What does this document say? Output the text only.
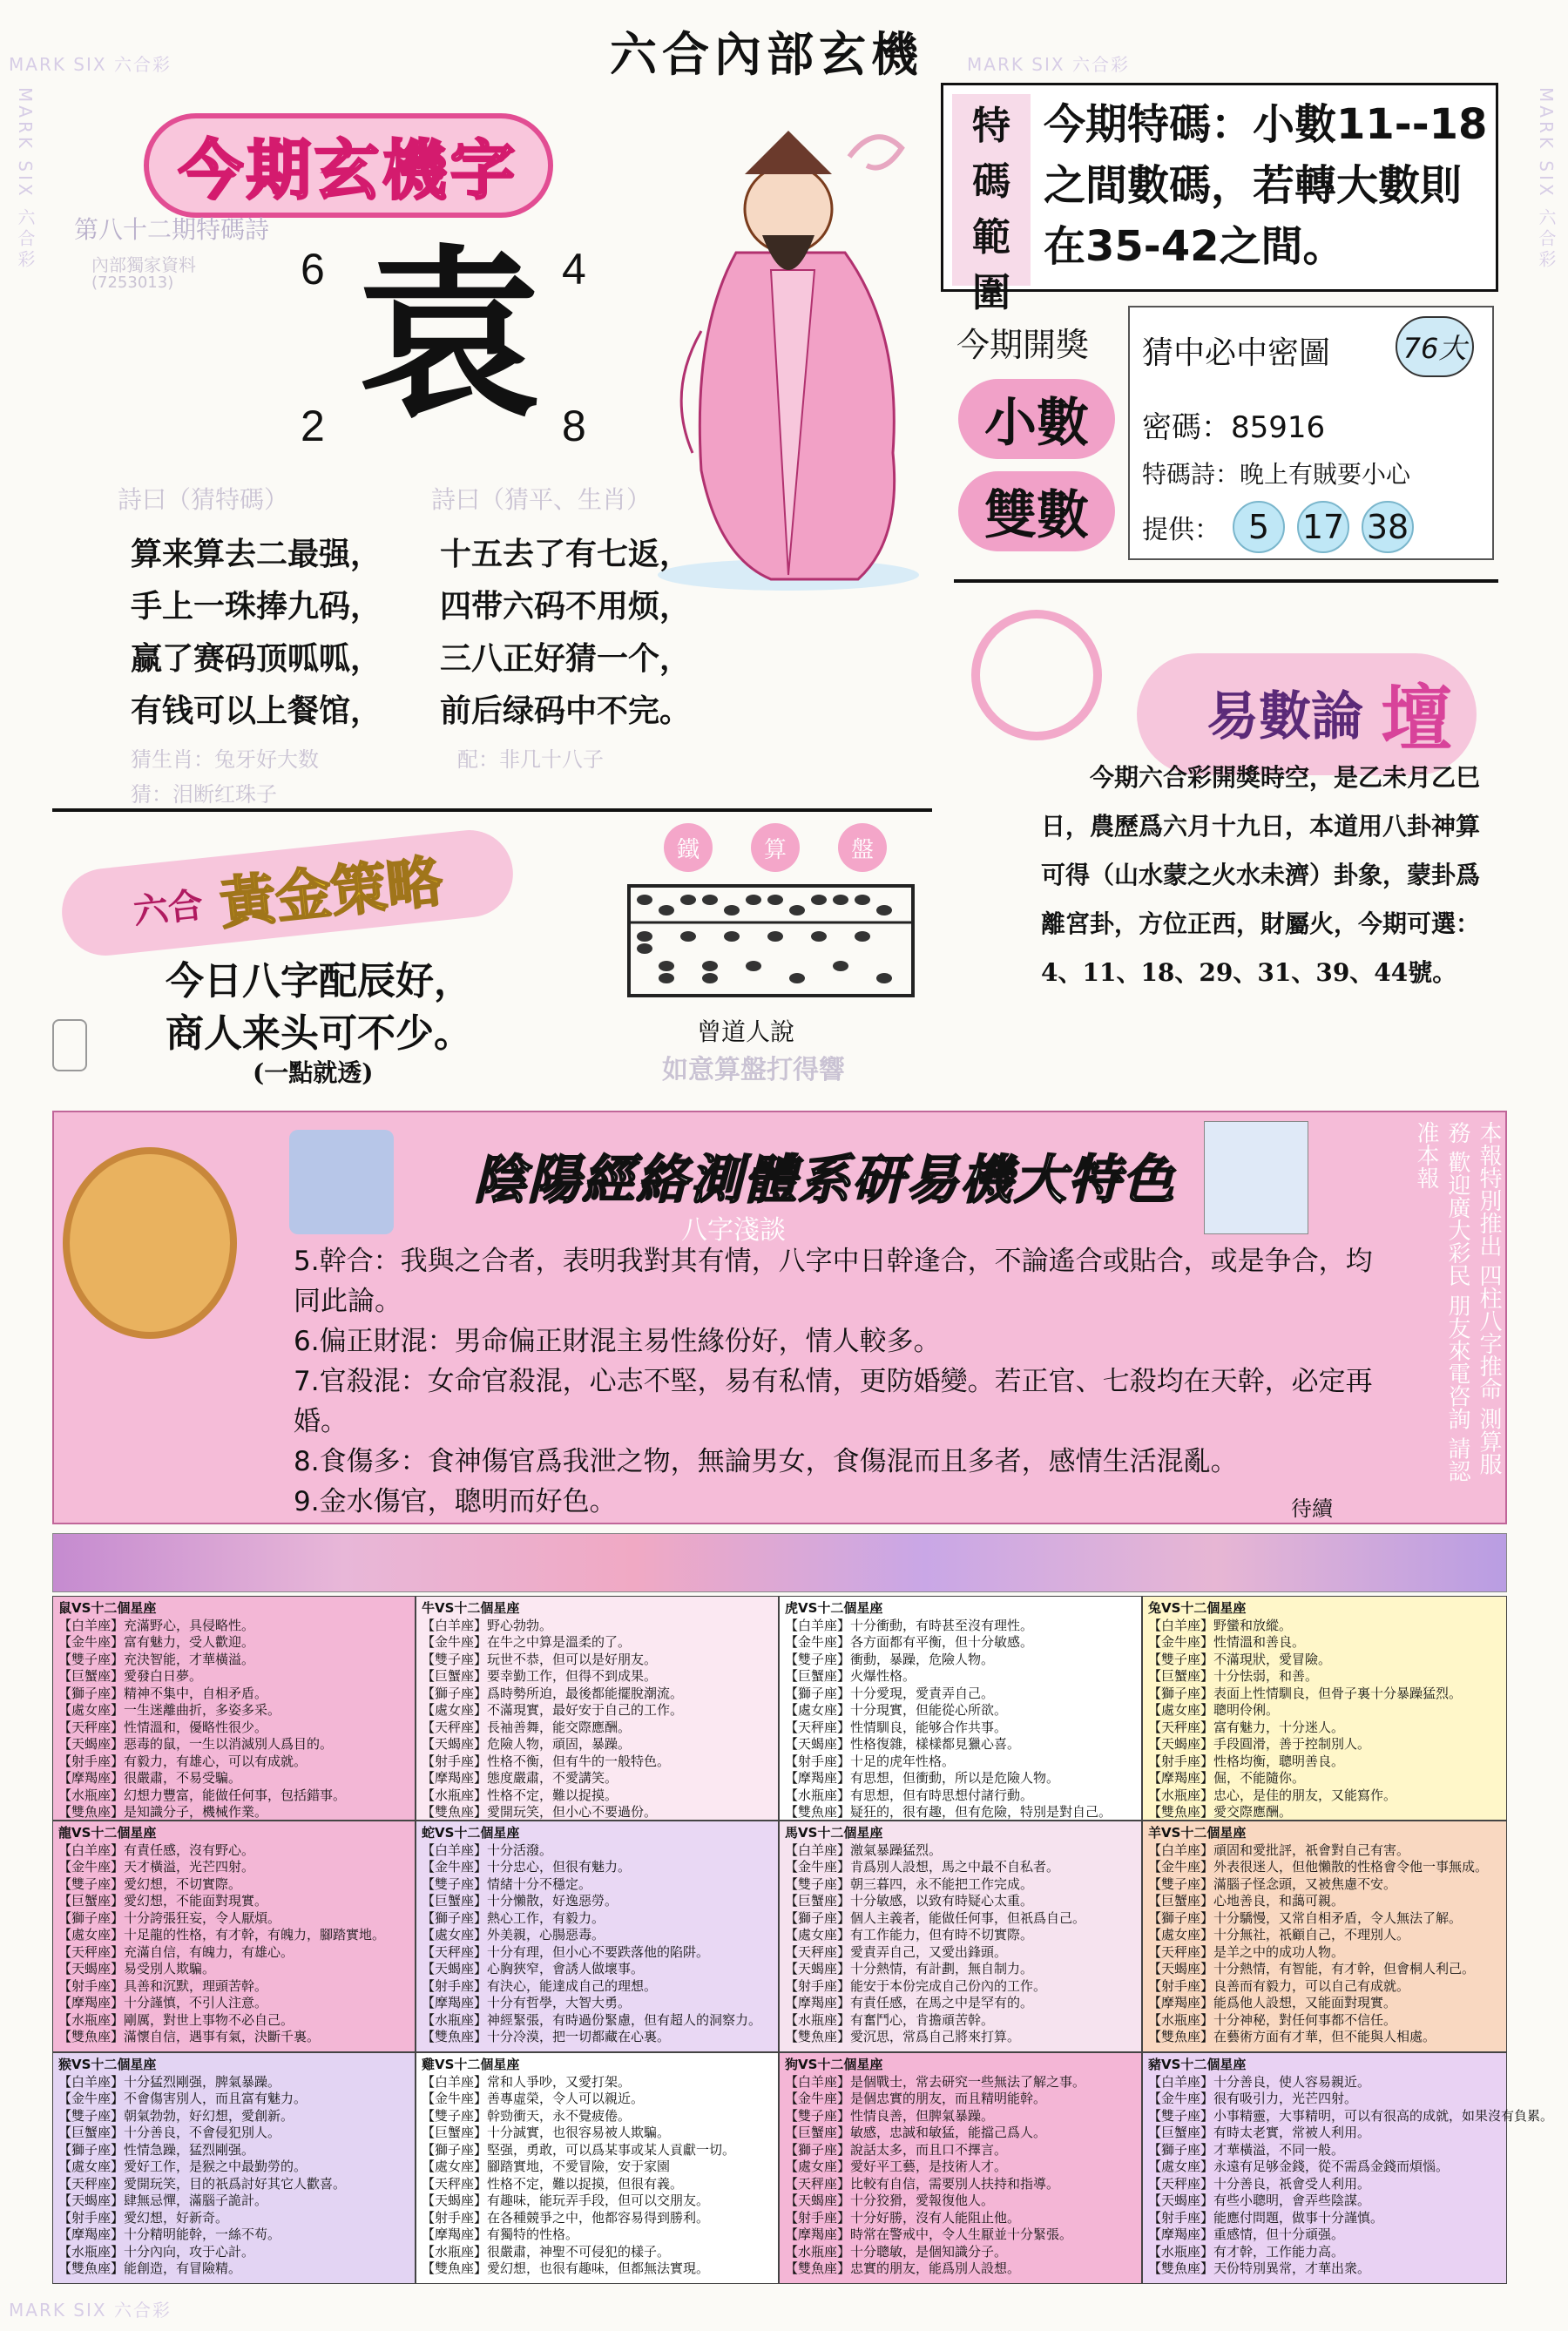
MARK SIX 六合彩	MARK SIX 六合彩
MARK SIX 六合彩
MARK SIX 六合彩
MARK SIX 六合彩
六合內部玄機
今期玄機字
第八十二期特碼詩
內部獨家資料
(7253013)	6	4
2	8
袁
詩曰（猜特碼）	詩曰（猜平、生肖）
算来算去二最强，
手上一珠捧九码，
赢了赛码顶呱呱，
有钱可以上餐馆，
十五去了有七返，
四带六码不用烦，
三八正好猜一个，
前后绿码中不完。
猜生肖：兔牙好大数	配：非几十八子
猜：泪断红珠子
特
碼
範
圍
今期特碼：小數11--18之間數碼，若轉大數則在35-42之間。
今期開獎
小數
雙數
猜中必中密圖	76大
密碼：85916
特碼詩：晚上有賊要小心
提供： 5 17 38
六合 黃金策略
今日八字配辰好，
商人来头可不少。
(一點就透)
鐵	算	盤
曾道人說
如意算盤打得響
易數論 壇
今期六合彩開獎時空，是乙未月乙巳日，農歷爲六月十九日，本道用八卦神算可得（山水蒙之火水未濟）卦象，蒙卦爲離宮卦，方位正西，財屬火，今期可選：4、11、18、29、31、39、44號。
陰陽經絡測體系研易機大特色
八字淺談
5.幹合：我與之合者，表明我對其有情，八字中日幹逢合，不論遙合或貼合，或是争合，均同此論。
6.偏正財混：男命偏正財混主易性緣份好，情人較多。
7.官殺混：女命官殺混，心志不堅，易有私情，更防婚變。若正官、七殺均在天幹，必定再婚。
8.食傷多：食神傷官爲我泄之物，無論男女，食傷混而且多者，感情生活混亂。
9.金水傷官，聰明而好色。	待續
本報特別推出 四柱八字推命 測算服務 歡迎廣大彩民 朋友來電咨詢 請認准本報
鼠VS十二個星座
【白羊座】充滿野心，具侵略性。
【金牛座】富有魅力，受人歡迎。
【雙子座】充決智能，才華橫溢。
【巨蟹座】愛發白日夢。
【獅子座】精神不集中，自相矛盾。
【處女座】一生迷離曲折，多姿多采。
【天秤座】性情溫和，優略性很少。
【天蝎座】惡毒的鼠，一生以消滅別人爲目的。
【射手座】有毅力，有雄心，可以有成就。
【摩羯座】很嚴肅，不易受騙。
【水瓶座】幻想力豐富，能做任何事，包括錯事。
【雙魚座】是知識分子，機械作業。
牛VS十二個星座
【白羊座】野心勃勃。
【金牛座】在牛之中算是溫柔的了。
【雙子座】玩世不恭，但可以是好朋友。
【巨蟹座】要幸勤工作，但得不到成果。
【獅子座】爲時勢所迫，最後都能擺脫潮流。
【處女座】不滿現實，最好安于自己的工作。
【天秤座】長袖善舞，能交際應酬。
【天蝎座】危險人物，頑固，暴躁。
【射手座】性格不衡，但有牛的一般特色。
【摩羯座】態度嚴肅，不愛講笑。
【水瓶座】性格不定，難以捉摸。
【雙魚座】愛開玩笑，但小心不要過份。
虎VS十二個星座
【白羊座】十分衝動，有時甚至沒有理性。
【金牛座】各方面都有平衡，但十分敏感。
【雙子座】衝動，暴躁，危險人物。
【巨蟹座】火爆性格。
【獅子座】十分愛現，愛責弄自己。
【處女座】十分現實，但能從心所欲。
【天秤座】性情馴良，能够合作共事。
【天蝎座】性格復雜，樣樣都見獵心喜。
【射手座】十足的虎年性格。
【摩羯座】有思想，但衝動，所以是危險人物。
【水瓶座】有思想，但有時思想付諸行動。
【雙魚座】疑狂的，很有趣，但有危險，特別是對自己。
兔VS十二個星座
【白羊座】野蠻和放縱。
【金牛座】性情溫和善良。
【雙子座】不滿現狀，愛冒險。
【巨蟹座】十分怯弱，和善。
【獅子座】表面上性情馴良，但骨子裏十分暴躁猛烈。
【處女座】聰明伶俐。
【天秤座】富有魅力，十分迷人。
【天蝎座】手段圓滑，善于控制別人。
【射手座】性格均衡，聰明善良。
【摩羯座】倔，不能隨你。
【水瓶座】忠心，是佳的朋友，又能寫作。
【雙魚座】愛交際應酬。
龍VS十二個星座
【白羊座】有責任感，沒有野心。
【金牛座】天才橫溢，光芒四射。
【雙子座】愛幻想，不切實際。
【巨蟹座】愛幻想，不能面對現實。
【獅子座】十分誇張狂妄，令人厭煩。
【處女座】十足龍的性格，有才幹，有魄力，腳踏實地。
【天秤座】充滿自信，有魄力，有雄心。
【天蝎座】易受別人欺騙。
【射手座】具善和沉默，理頭苦幹。
【摩羯座】十分謹慎，不引人注意。
【水瓶座】剛厲，對世上事物不必自己。
【雙魚座】滿懷自信，遇事有氣，決斷千裏。
蛇VS十二個星座
【白羊座】十分活潑。
【金牛座】十分忠心，但很有魅力。
【雙子座】情緒十分不穩定。
【巨蟹座】十分懶散，好逸惡勞。
【獅子座】熱心工作，有毅力。
【處女座】外美親，心腸惡毒。
【天秤座】十分有理，但小心不要跌落他的陷阱。
【天蝎座】心胸狹窄，會誘人做壞事。
【射手座】有決心，能達成自己的理想。
【摩羯座】十分有哲學，大智大勇。
【水瓶座】神經緊張，有時過份緊慮，但有超人的洞察力。
【雙魚座】十分冷漠，把一切都藏在心裏。
馬VS十二個星座
【白羊座】激氣暴躁猛烈。
【金牛座】肯爲別人設想，馬之中最不自私者。
【雙子座】朝三暮四，永不能把工作完成。
【巨蟹座】十分敏感，以致有時疑心太重。
【獅子座】個人主義者，能做任何事，但祇爲自己。
【處女座】有工作能力，但有時不切實際。
【天秤座】愛責弄自己，又愛出鋒頭。
【天蝎座】十分熱情，有計劃，無自制力。
【射手座】能安于本份完成自己份內的工作。
【摩羯座】有責任感，在馬之中是罕有的。
【水瓶座】有奮鬥心，肯擔頑苦幹。
【雙魚座】愛沉思，常爲自己將來打算。
羊VS十二個星座
【白羊座】頑固和愛批評，祇會對自己有害。
【金牛座】外表很迷人，但他懶散的性格會令他一事無成。
【雙子座】滿腦子怪念頭，又被焦慮不安。
【巨蟹座】心地善良，和藹可親。
【獅子座】十分驕慢，又常自相矛盾，令人無法了解。
【處女座】十分無社，祇顧自己，不理別人。
【天秤座】是羊之中的成功人物。
【天蝎座】十分熱情，有智能，有才幹，但會桐人利己。
【射手座】良善而有毅力，可以自己有成就。
【摩羯座】能爲他人設想，又能面對現實。
【水瓶座】十分神秘，對任何事都不信任。
【雙魚座】在藝術方面有才華，但不能與人相處。
猴VS十二個星座
【白羊座】十分猛烈剛强，脾氣暴躁。
【金牛座】不會傷害別人，而且富有魅力。
【雙子座】朝氣勃勃，好幻想，愛創新。
【巨蟹座】十分善良，不會侵犯別人。
【獅子座】性情急躁，猛烈剛强。
【處女座】愛好工作，是猴之中最勤勞的。
【天秤座】愛開玩笑，目的祇爲討好其它人歡喜。
【天蝎座】肆無忌憚，滿腦子詭計。
【射手座】愛幻想，好新奇。
【摩羯座】十分精明能幹，一絲不苟。
【水瓶座】十分內向，攻于心計。
【雙魚座】能創造，有冒險精。
雞VS十二個星座
【白羊座】常和人爭吵，又愛打架。
【金牛座】善專虛榮，令人可以親近。
【雙子座】幹勁衝天，永不覺疲倦。
【巨蟹座】十分誠實，也很容易被人欺騙。
【獅子座】堅强，勇敢，可以爲某事或某人貢獻一切。
【處女座】腳踏實地，不愛冒險，安于家園
【天秤座】性格不定，難以捉摸，但很有義。
【天蝎座】有趣味，能玩弄手段，但可以交朋友。
【射手座】在各種競爭之中，他都容易得到勝利。
【摩羯座】有獨特的性格。
【水瓶座】很嚴肅，神聖不可侵犯的樣子。
【雙魚座】愛幻想，也很有趣味，但都無法實現。
狗VS十二個星座
【白羊座】是個戰士，常去研究一些無法了解之事。
【金牛座】是個忠實的朋友，而且精明能幹。
【雙子座】性情良善，但脾氣暴躁。
【巨蟹座】敏感，忠誠和敏猛，能擋己爲人。
【獅子座】說話太多，而且口不擇言。
【處女座】愛好平工藝，是技術人才。
【天秤座】比較有自信，需要別人扶持和指導。
【天蝎座】十分狡猾，愛報復他人。
【射手座】十分好勝，沒有人能阻止他。
【摩羯座】時常在警戒中，令人生厭並十分緊張。
【水瓶座】十分聰敏，是個知識分子。
【雙魚座】忠實的朋友，能爲別人設想。
豬VS十二個星座
【白羊座】十分善良，使人容易親近。
【金牛座】很有吸引力，光芒四射。
【雙子座】小事精靈，大事精明，可以有很高的成就，如果沒有負累。
【巨蟹座】有時太老實，常被人利用。
【獅子座】才華橫溢，不同一般。
【處女座】永遠有足够金錢，從不需爲金錢而煩惱。
【天秤座】十分善良，祇會受人利用。
【天蝎座】有些小聰明，會弄些陰謀。
【射手座】能應付問題，做事十分謹慎。
【摩羯座】重感情，但十分頑强。
【水瓶座】有才幹，工作能力高。
【雙魚座】天份特別異常，才華出衆。
